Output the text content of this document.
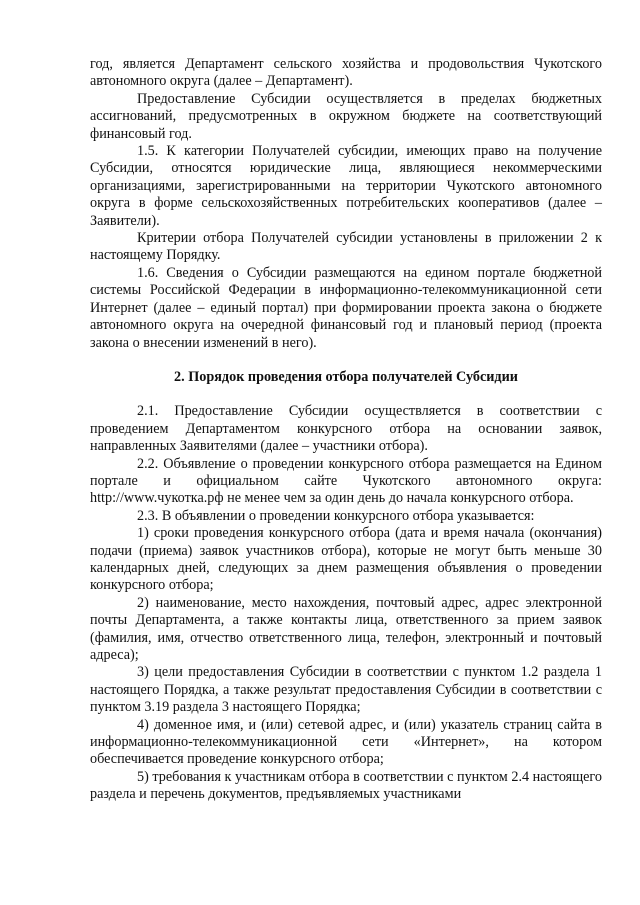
год, является Департамент сельского хозяйства и продовольствия Чукотского автономного округа (далее – Департамент).

Предоставление Субсидии осуществляется в пределах бюджетных ассигнований, предусмотренных в окружном бюджете на соответствующий финансовый год.

1.5. К категории Получателей субсидии, имеющих право на получение Субсидии, относятся юридические лица, являющиеся некоммерческими организациями, зарегистрированными на территории Чукотского автономного округа в форме сельскохозяйственных потребительских кооперативов (далее – Заявители).

Критерии отбора Получателей субсидии установлены в приложении 2 к настоящему Порядку.

1.6. Сведения о Субсидии размещаются на едином портале бюджетной системы Российской Федерации в информационно-телекоммуникационной сети Интернет (далее – единый портал) при формировании проекта закона о бюджете автономного округа на очередной финансовый год и плановый период (проекта закона о внесении изменений в него).

2. Порядок проведения отбора получателей Субсидии

2.1. Предоставление Субсидии осуществляется в соответствии с проведением Департаментом конкурсного отбора на основании заявок, направленных Заявителями (далее – участники отбора).

2.2. Объявление о проведении конкурсного отбора размещается на Едином портале и официальном сайте Чукотского автономного округа: http://www.чукотка.рф не менее чем за один день до начала конкурсного отбора.

2.3. В объявлении о проведении конкурсного отбора указывается:

1) сроки проведения конкурсного отбора (дата и время начала (окончания) подачи (приема) заявок участников отбора), которые не могут быть меньше 30 календарных дней, следующих за днем размещения объявления о проведении конкурсного отбора;

2) наименование, место нахождения, почтовый адрес, адрес электронной почты Департамента, а также контакты лица, ответственного за прием заявок (фамилия, имя, отчество ответственного лица, телефон, электронный и почтовый адреса);

3) цели предоставления Субсидии в соответствии с пунктом 1.2 раздела 1 настоящего Порядка, а также результат предоставления Субсидии в соответствии с пунктом 3.19 раздела 3 настоящего Порядка;

4) доменное имя, и (или) сетевой адрес, и (или) указатель страниц сайта в информационно-телекоммуникационной сети «Интернет», на котором обеспечивается проведение конкурсного отбора;

5) требования к участникам отбора в соответствии с пунктом 2.4 настоящего раздела и перечень документов, предъявляемых участниками
